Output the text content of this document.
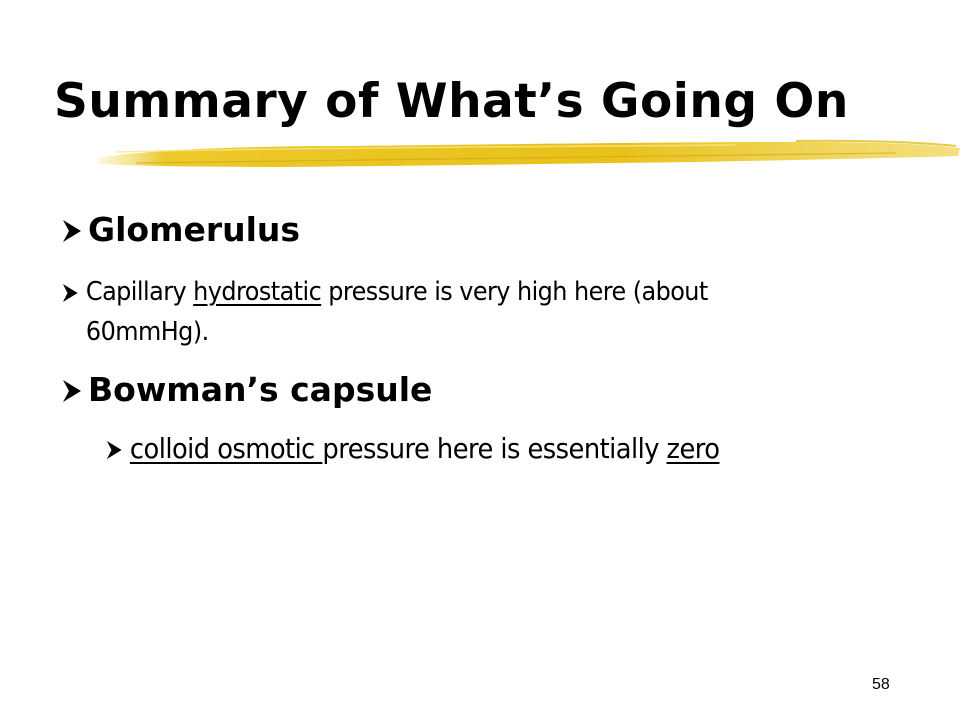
Summary of What’s Going On
Glomerulus
Capillary hydrostatic pressure is very high here (about 60mmHg).
Bowman’s capsule
colloid osmotic pressure here is essentially zero
58
